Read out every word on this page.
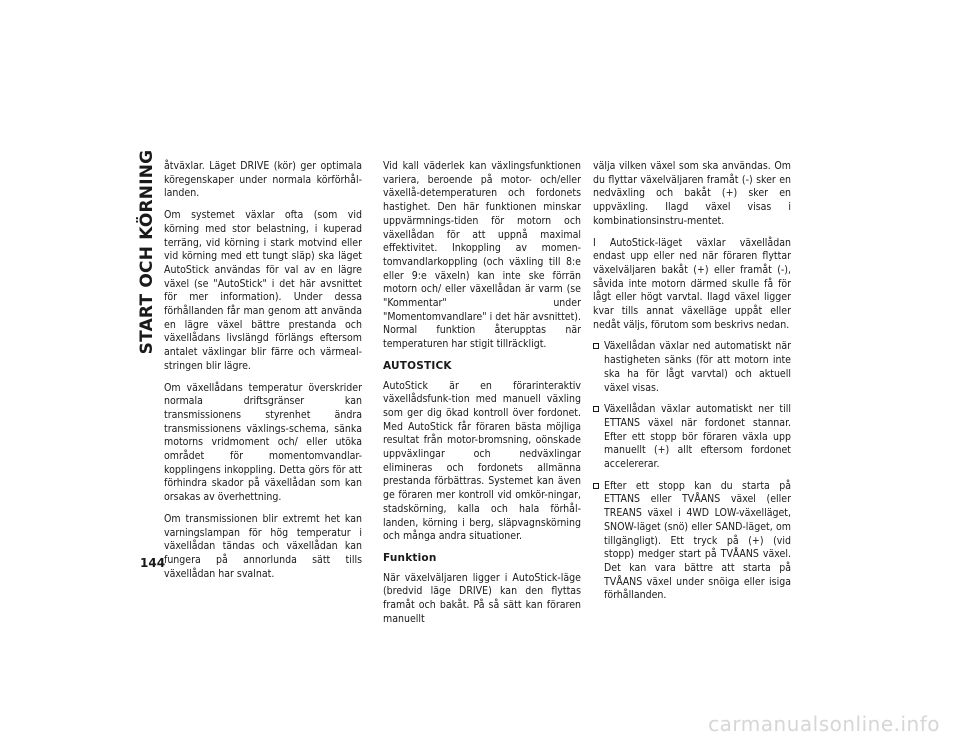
START OCH KÖRNING åtväxlar. Läget DRIVE (kör) ger optimala köregenskaper under normala körförhål-landen.

Om systemet växlar ofta (som vid körning med stor belastning, i kuperad terräng, vid körning i stark motvind eller vid körning med ett tungt släp) ska läget AutoStick användas för val av en lägre växel (se "AutoStick" i det här avsnittet för mer information). Under dessa förhållanden får man genom att använda en lägre växel bättre prestanda och växellådans livslängd förlängs eftersom antalet växlingar blir färre och värmeal-stringen blir lägre.

Om växellådans temperatur överskrider normala driftsgränser kan transmissionens styrenhet ändra transmissionens växlings-schema, sänka motorns vridmoment och/ eller utöka området för momentomvandlar-kopplingens inkoppling. Detta görs för att förhindra skador på växellådan som kan orsakas av överhettning.

Om transmissionen blir extremt het kan varningslampan för hög temperatur i växellådan tändas och växellådan kan fungera på annorlunda sätt tills växellådan har svalnat.

Vid kall väderlek kan växlingsfunktionen variera, beroende på motor- och/eller växellå-detemperaturen och fordonets hastighet. Den här funktionen minskar uppvärmnings-tiden för motorn och växellådan för att uppnå maximal effektivitet. Inkoppling av momen-tomvandlarkoppling (och växling till 8:e eller 9:e växeln) kan inte ske förrän motorn och/ eller växellådan är varm (se "Kommentar" under "Momentomvandlare" i det här avsnittet). Normal funktion återupptas när temperaturen har stigit tillräckligt.

AUTOSTICK

AutoStick är en förarinteraktiv växellådsfunk-tion med manuell växling som ger dig ökad kontroll över fordonet. Med AutoStick får föraren bästa möjliga resultat från motor-bromsning, oönskade uppväxlingar och nedväxlingar elimineras och fordonets allmänna prestanda förbättras. Systemet kan även ge föraren mer kontroll vid omkör-ningar, stadskörning, kalla och hala förhål-landen, körning i berg, släpvagnskörning och många andra situationer.

Funktion

När växelväljaren ligger i AutoStick-läge (bredvid läge DRIVE) kan den flyttas framåt och bakåt. På så sätt kan föraren manuellt

välja vilken växel som ska användas. Om du flyttar växelväljaren framåt (-) sker en nedväxling och bakåt (+) sker en uppväxling. Ilagd växel visas i kombinationsinstru-mentet.

I AutoStick-läget växlar växellådan endast upp eller ned när föraren flyttar växelväljaren bakåt (+) eller framåt (-), såvida inte motorn därmed skulle få för lågt eller högt varvtal. Ilagd växel ligger kvar tills annat växelläge uppåt eller nedåt väljs, förutom som beskrivs nedan.

Växellådan växlar ned automatiskt när hastigheten sänks (för att motorn inte ska ha för lågt varvtal) och aktuell växel visas.
Växellådan växlar automatiskt ner till ETTANS växel när fordonet stannar. Efter ett stopp bör föraren växla upp manuellt (+) allt eftersom fordonet accelererar.
Efter ett stopp kan du starta på ETTANS eller TVÅANS växel (eller TREANS växel i 4WD LOW-växelläget, SNOW-läget (snö) eller SAND-läget, om tillgängligt). Ett tryck på (+) (vid stopp) medger start på TVÅANS växel. Det kan vara bättre att starta på TVÅANS växel under snöiga eller isiga förhållanden.
144
carmanualsonline.info
